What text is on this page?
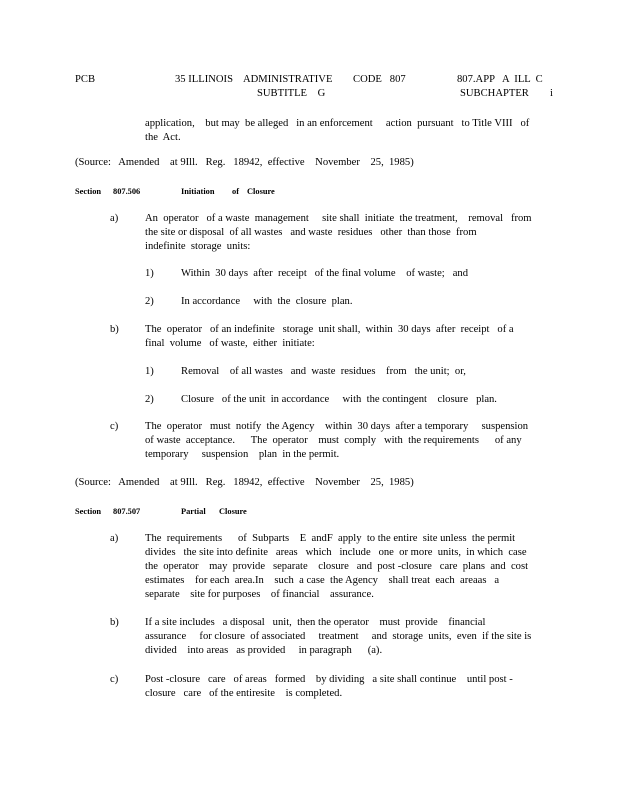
PCB	35 ILLINOIS    ADMINISTRATIVE CODE   807
SUBTITLE    G
807.APP   A  ILL  C
SUBCHAPTER        i
application,    but may  be alleged   in an enforcement     action  pursuant   to Title VIII   of
the  Act.
(Source:   Amended    at 9Ill.   Reg.   18942,  effective    November    25,  1985)
Section 807.506	Initiation of Closure
a)	An  operator   of a waste  management     site shall  initiate  the treatment,    removal   from
the site or disposal  of all wastes   and waste  residues   other  than those  from
indefinite  storage  units:
1)	Within  30 days  after  receipt   of the final volume    of waste;   and
2)	In accordance     with  the  closure  plan.
b) The  operator   of an indefinite   storage  unit shall,  within  30 days  after  receipt   of a
final  volume   of waste,  either  initiate:
1)	Removal    of all wastes   and  waste  residues    from   the unit;  or,
2)	Closure   of the unit  in accordance     with  the contingent    closure   plan.
c)	The  operator   must  notify  the Agency    within  30 days  after a temporary     suspension
of waste  acceptance.      The  operator    must  comply   with  the requirements      of any
temporary     suspension    plan  in the permit.
(Source:   Amended    at 9Ill.   Reg.   18942,  effective    November    25,  1985)
Section 807.507	Partial Closure
a)	The  requirements      of  Subparts    E  andF  apply  to the entire  site unless  the permit
divides   the site into definite   areas   which   include   one  or more  units,  in which  case
the  operator    may  provide   separate    closure   and  post -closure   care  plans  and  cost
estimates    for each  area.In    such  a case  the Agency    shall treat  each  areaas   a
separate    site for purposes    of financial    assurance.
b) If a site includes   a disposal   unit,  then the operator    must  provide    financial
assurance     for closure  of associated     treatment     and  storage  units,  even  if the site is
divided    into areas   as provided     in paragraph      (a).
c)	Post -closure   care   of areas   formed    by dividing   a site shall continue    until post -
closure   care   of the entiresite    is completed.
